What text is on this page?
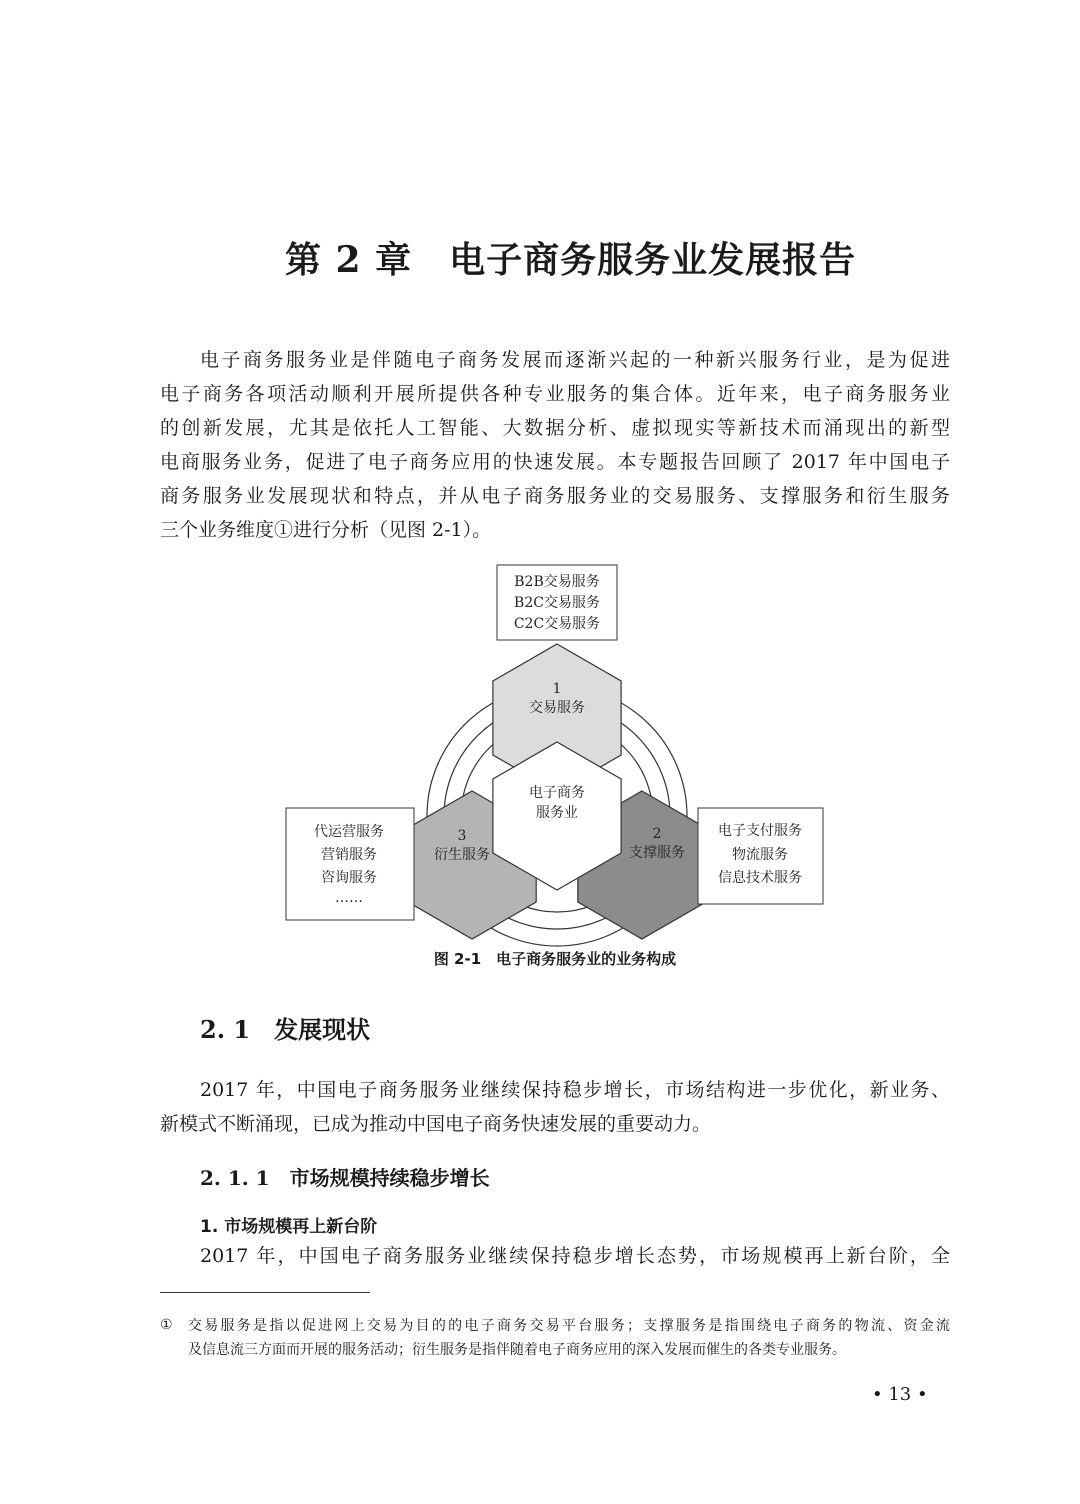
第 2 章　电子商务服务业发展报告
电子商务服务业是伴随电子商务发展而逐渐兴起的一种新兴服务行业，是为促进
电子商务各项活动顺利开展所提供各种专业服务的集合体。近年来，电子商务服务业
的创新发展，尤其是依托人工智能、大数据分析、虚拟现实等新技术而涌现出的新型
电商服务业务，促进了电子商务应用的快速发展。本专题报告回顾了 2017 年中国电子
商务服务业发展现状和特点，并从电子商务服务业的交易服务、支撑服务和衍生服务
三个业务维度①进行分析（见图 2-1）。
B2B交易服务
B2C交易服务
C2C交易服务
电子支付服务
物流服务
信息技术服务
代运营服务
营销服务
咨询服务
……
1
交易服务
2
支撑服务
3
衍生服务
电子商务
服务业
图 2-1　电子商务服务业的业务构成
2. 1　发展现状
2017 年，中国电子商务服务业继续保持稳步增长，市场结构进一步优化，新业务、
新模式不断涌现，已成为推动中国电子商务快速发展的重要动力。
2. 1. 1　市场规模持续稳步增长
1. 市场规模再上新台阶
2017 年，中国电子商务服务业继续保持稳步增长态势，市场规模再上新台阶，全
① 交易服务是指以促进网上交易为目的的电子商务交易平台服务；支撑服务是指围绕电子商务的物流、资金流
及信息流三方面而开展的服务活动；衍生服务是指伴随着电子商务应用的深入发展而催生的各类专业服务。
• 13 •
